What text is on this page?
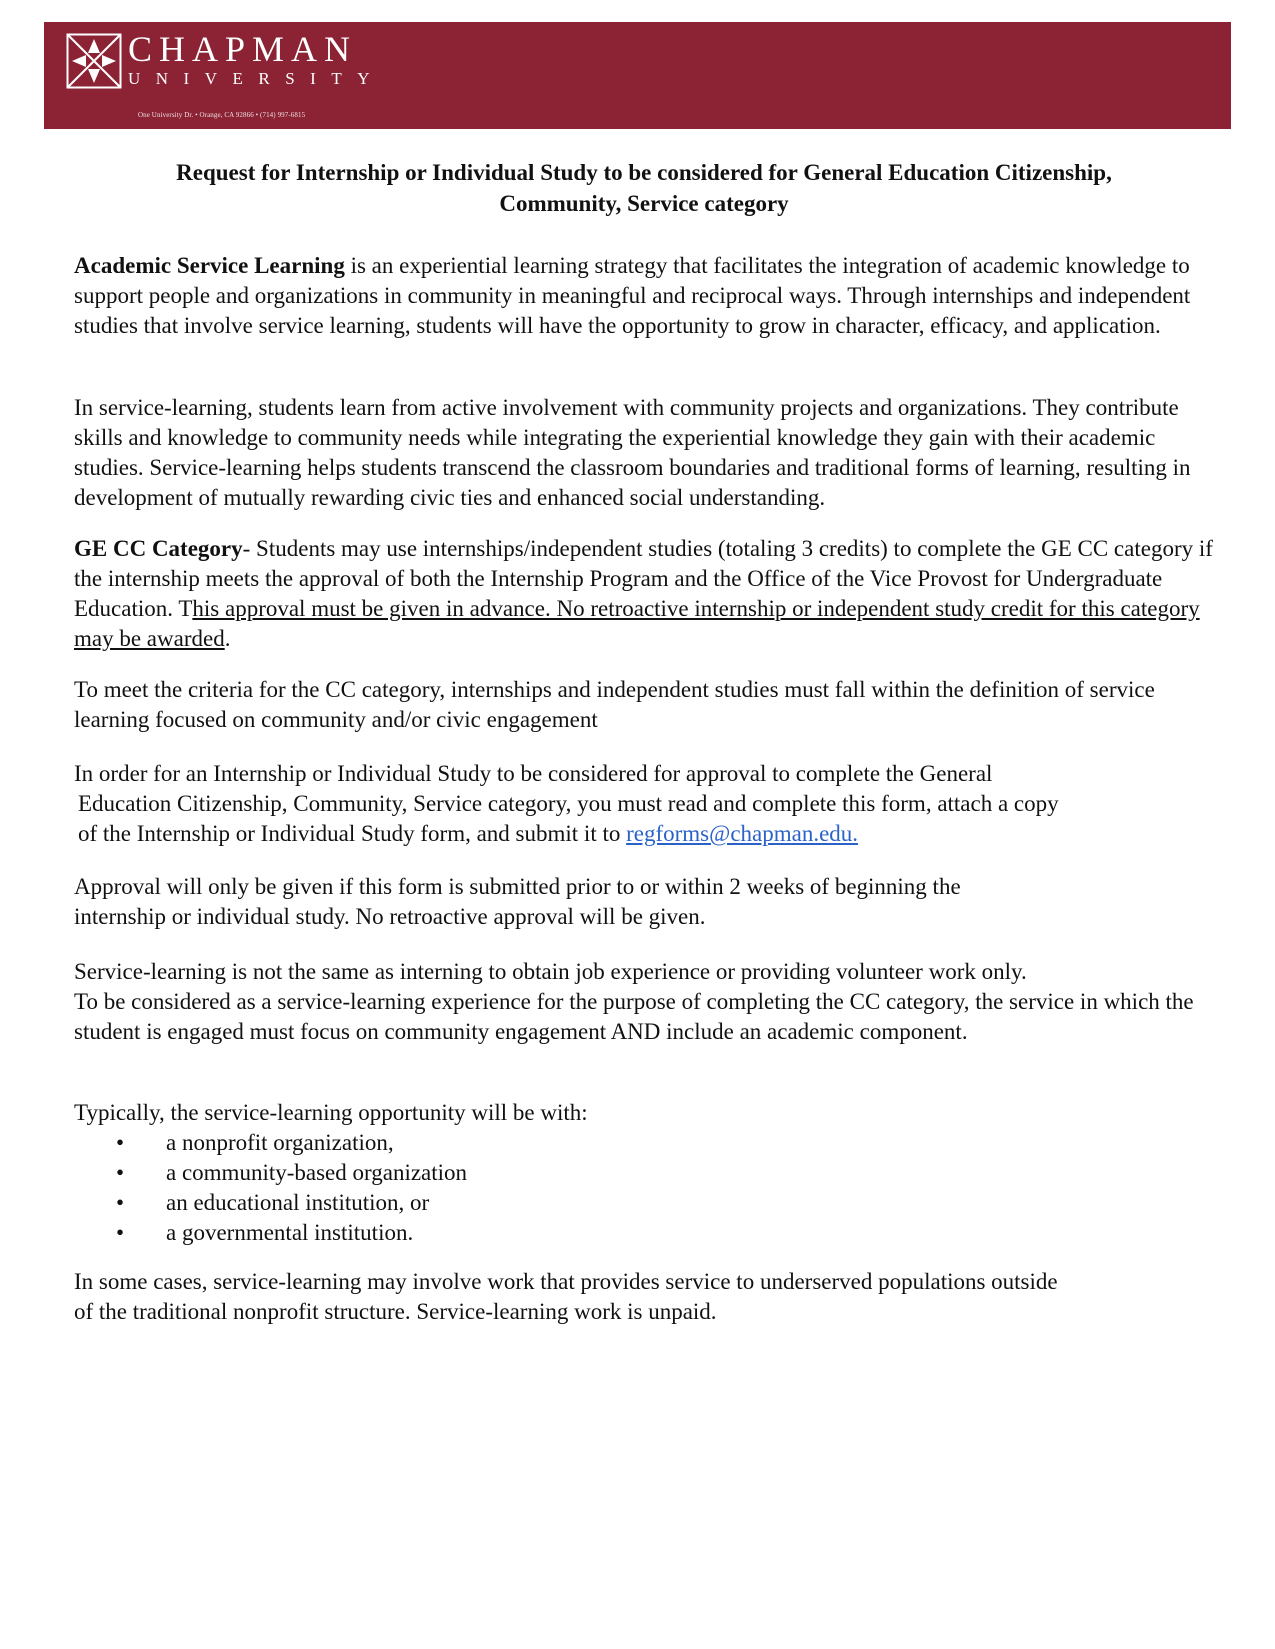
CHAPMAN
UNIVERSITY
One University Dr. • Orange, CA 92866 • (714) 997-6815
Request for Internship or Individual Study to be considered for General Education Citizenship,
Community, Service category

Academic Service Learning is an experiential learning strategy that facilitates the integration of academic knowledge to support people and organizations in community in meaningful and reciprocal ways. Through internships and independent studies that involve service learning, students will have the opportunity to grow in character, efficacy, and application.

In service-learning, students learn from active involvement with community projects and organizations. They contribute skills and knowledge to community needs while integrating the experiential knowledge they gain with their academic studies. Service-learning helps students transcend the classroom boundaries and traditional forms of learning, resulting in development of mutually rewarding civic ties and enhanced social understanding.

GE CC Category- Students may use internships/independent studies (totaling 3 credits) to complete the GE CC category if the internship meets the approval of both the Internship Program and the Office of the Vice Provost for Undergraduate Education. This approval must be given in advance. No retroactive internship or independent study credit for this category may be awarded.

To meet the criteria for the CC category, internships and independent studies must fall within the definition of service learning focused on community and/or civic engagement

In order for an Internship or Individual Study to be considered for approval to complete the General

Education Citizenship, Community, Service category, you must read and complete this form, attach a copy

of the Internship or Individual Study form, and submit it to regforms@chapman.edu.

Approval will only be given if this form is submitted prior to or within 2 weeks of beginning the

internship or individual study. No retroactive approval will be given.

Service-learning is not the same as interning to obtain job experience or providing volunteer work only.

To be considered as a service-learning experience for the purpose of completing the CC category, the service in which the student is engaged must focus on community engagement AND include an academic component.

Typically, the service-learning opportunity will be with:

• a nonprofit organization,
• a community-based organization
• an educational institution, or
• a governmental institution.

In some cases, service-learning may involve work that provides service to underserved populations outside

of the traditional nonprofit structure. Service-learning work is unpaid.
